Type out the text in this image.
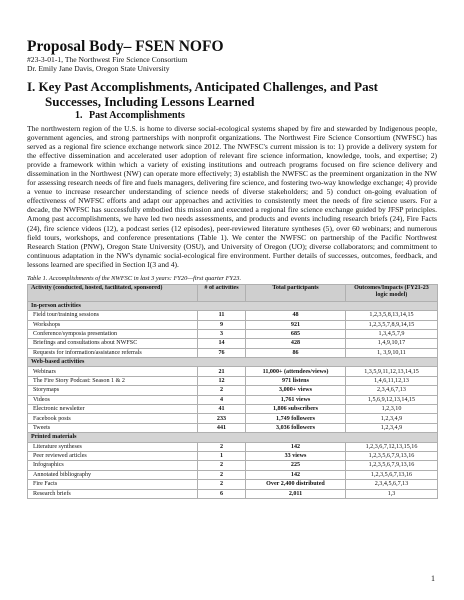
Proposal Body– FSEN NOFO

#23-3-01-1, The Northwest Fire Science Consortium

Dr. Emily Jane Davis, Oregon State University

I. Key Past Accomplishments, Anticipated Challenges, and Past Successes, Including Lessons Learned
1. Past Accomplishments

The northwestern region of the U.S. is home to diverse social-ecological systems shaped by fire and stewarded by Indigenous people, government agencies, and strong partnerships with nonprofit organizations. The Northwest Fire Science Consortium (NWFSC) has served as a regional fire science exchange network since 2012. The NWFSC's current mission is to: 1) provide a delivery system for the effective dissemination and accelerated user adoption of relevant fire science information, knowledge, tools, and expertise; 2) provide a framework within which a variety of existing institutions and outreach programs focused on fire science delivery and dissemination in the Northwest (NW) can operate more effectively; 3) establish the NWFSC as the preeminent organization in the NW for assessing research needs of fire and fuels managers, delivering fire science, and fostering two-way knowledge exchange; 4) provide a venue to increase researcher understanding of science needs of diverse stakeholders; and 5) conduct on-going evaluation of effectiveness of NWFSC efforts and adapt our approaches and activities to consistently meet the needs of fire science users. For a decade, the NWFSC has successfully embodied this mission and executed a regional fire science exchange guided by JFSP principles. Among past accomplishments, we have led two needs assessments, and products and events including research briefs (24), Fire Facts (24), fire science videos (12), a podcast series (12 episodes), peer-reviewed literature syntheses (5), over 60 webinars; and numerous field tours, workshops, and conference presentations (Table 1). We center the NWFSC on partnership of the Pacific Northwest Research Station (PNW), Oregon State University (OSU), and University of Oregon (UO); diverse collaborators; and commitment to continuous adaptation in the NW's dynamic social-ecological fire environment. Further details of successes, outcomes, feedback, and lessons learned are specified in Section I(3 and 4).

Table 1. Accomplishments of the NWFSC in last 3 years: FY20—first quarter FY23.

Activity (conducted, hosted, facilitated, sponsored)	# of activities	Total participants	Outcomes/Impacts (FY21-23 logic model)
In-person activities			
Field tour/training sessions	11	48	1,2,3,5,8,13,14,15
Workshops	9	921	1,2,3,5,7,8,9,14,15
Conference/symposia presentation	3	685	1,3,4,5,7,9
Briefings and consultations about NWFSC	14	428	1,4,9,10,17
Requests for information/assistance referrals	76	86	1, 3,9,10,11
Web-based activities			
Webinars	21	11,000+ (attendees/views)	1,3,5,9,11,12,13,14,15
The Fire Story Podcast: Season 1 & 2	12	971 listens	1,4,6,11,12,13
Storymaps	2	3,000+ views	2,3,4,6,7,13
Videos	4	1,761 views	1,5,6,9,12,13,14,15
Electronic newsletter	41	1,806 subscribers	1,2,3,10
Facebook posts	233	1,749 followers	1,2,3,4,9
Tweets	441	3,036 followers	1,2,3,4,9
Printed materials			
Literature syntheses	2	142	1,2,3,6,7,12,13,15,16
Peer reviewed articles	1	33 views	1,2,3,5,6,7,9,13,16
Infographics	2	225	1,2,3,5,6,7,9,13,16
Annotated bibliography	2	142	1,2,3,5,6,7,13,16
Fire Facts	2	Over 2,400 distributed	2,3,4,5,6,7,13
Research briefs	6	2,011	1,3
1
